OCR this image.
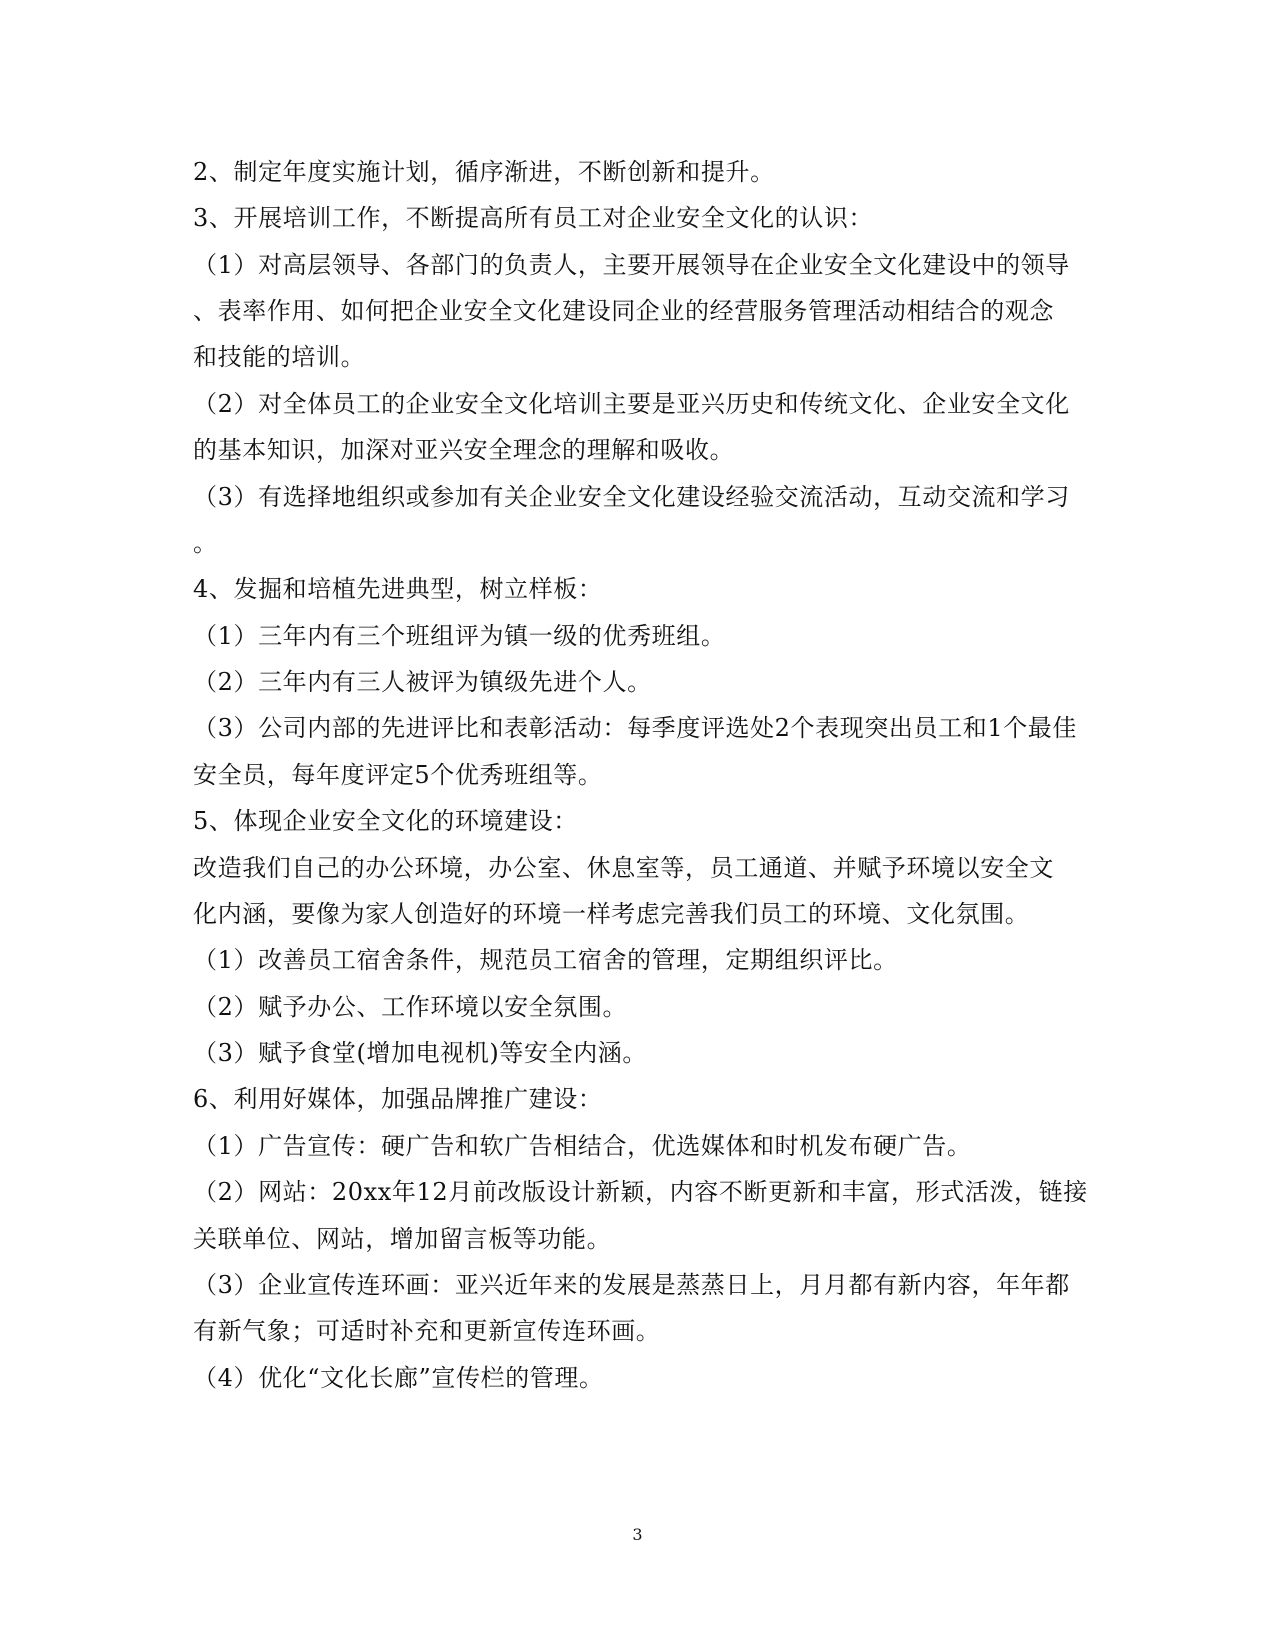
2、制定年度实施计划，循序渐进，不断创新和提升。
3、开展培训工作，不断提高所有员工对企业安全文化的认识：
（1）对高层领导、各部门的负责人，主要开展领导在企业安全文化建设中的领导
、表率作用、如何把企业安全文化建设同企业的经营服务管理活动相结合的观念
和技能的培训。
（2）对全体员工的企业安全文化培训主要是亚兴历史和传统文化、企业安全文化
的基本知识，加深对亚兴安全理念的理解和吸收。
（3）有选择地组织或参加有关企业安全文化建设经验交流活动，互动交流和学习
。
4、发掘和培植先进典型，树立样板：
（1）三年内有三个班组评为镇一级的优秀班组。
（2）三年内有三人被评为镇级先进个人。
（3）公司内部的先进评比和表彰活动：每季度评选处2个表现突出员工和1个最佳
安全员，每年度评定5个优秀班组等。
5、体现企业安全文化的环境建设：
改造我们自己的办公环境，办公室、休息室等，员工通道、并赋予环境以安全文
化内涵，要像为家人创造好的环境一样考虑完善我们员工的环境、文化氛围。
（1）改善员工宿舍条件，规范员工宿舍的管理，定期组织评比。
（2）赋予办公、工作环境以安全氛围。
（3）赋予食堂(增加电视机)等安全内涵。
6、利用好媒体，加强品牌推广建设：
（1）广告宣传：硬广告和软广告相结合，优选媒体和时机发布硬广告。
（2）网站：20xx年12月前改版设计新颖，内容不断更新和丰富，形式活泼，链接
关联单位、网站，增加留言板等功能。
（3）企业宣传连环画：亚兴近年来的发展是蒸蒸日上，月月都有新内容，年年都
有新气象；可适时补充和更新宣传连环画。
（4）优化“文化长廊”宣传栏的管理。
3
